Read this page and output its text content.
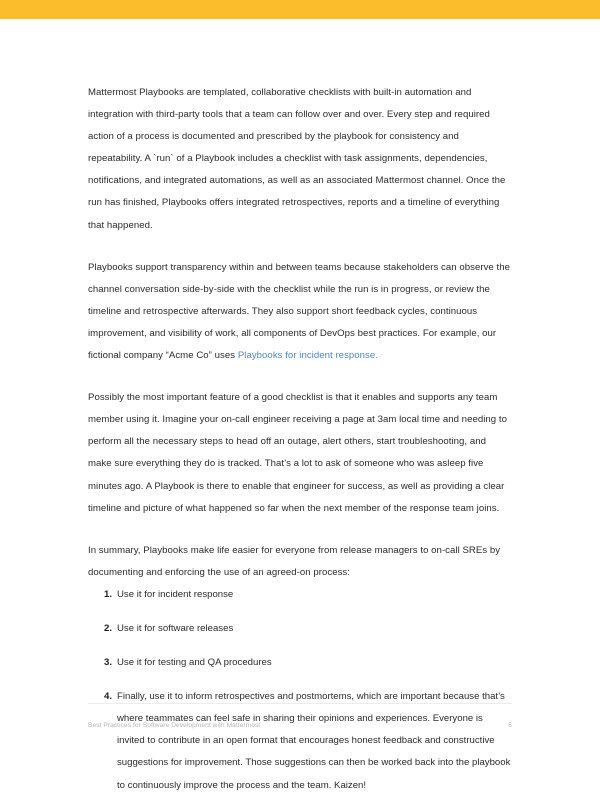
Mattermost Playbooks are templated, collaborative checklists with built-in automation and integration with third-party tools that a team can follow over and over. Every step and required action of a process is documented and prescribed by the playbook for consistency and repeatability. A `run` of a Playbook includes a checklist with task assignments, dependencies, notifications, and integrated automations, as well as an associated Mattermost channel. Once the run has finished, Playbooks offers integrated retrospectives, reports and a timeline of everything that happened.

Playbooks support transparency within and between teams because stakeholders can observe the channel conversation side-by-side with the checklist while the run is in progress, or review the timeline and retrospective afterwards. They also support short feedback cycles, continuous improvement, and visibility of work, all components of DevOps best practices. For example, our fictional company “Acme Co” uses Playbooks for incident response.

Possibly the most important feature of a good checklist is that it enables and supports any team member using it. Imagine your on-call engineer receiving a page at 3am local time and needing to perform all the necessary steps to head off an outage, alert others, start troubleshooting, and make sure everything they do is tracked. That’s a lot to ask of someone who was asleep five minutes ago. A Playbook is there to enable that engineer for success, as well as providing a clear timeline and picture of what happened so far when the next member of the response team joins.

In summary, Playbooks make life easier for everyone from release managers to on-call SREs by documenting and enforcing the use of an agreed-on process:

1. Use it for incident response
2. Use it for software releases
3. Use it for testing and QA procedures
4. Finally, use it to inform retrospectives and postmortems, which are important because that’s where teammates can feel safe in sharing their opinions and experiences. Everyone is invited to contribute in an open format that encourages honest feedback and constructive suggestions for improvement. Those suggestions can then be worked back into the playbook to continuously improve the process and the team. Kaizen!
Best Practices for Software Development with Mattermost	6
